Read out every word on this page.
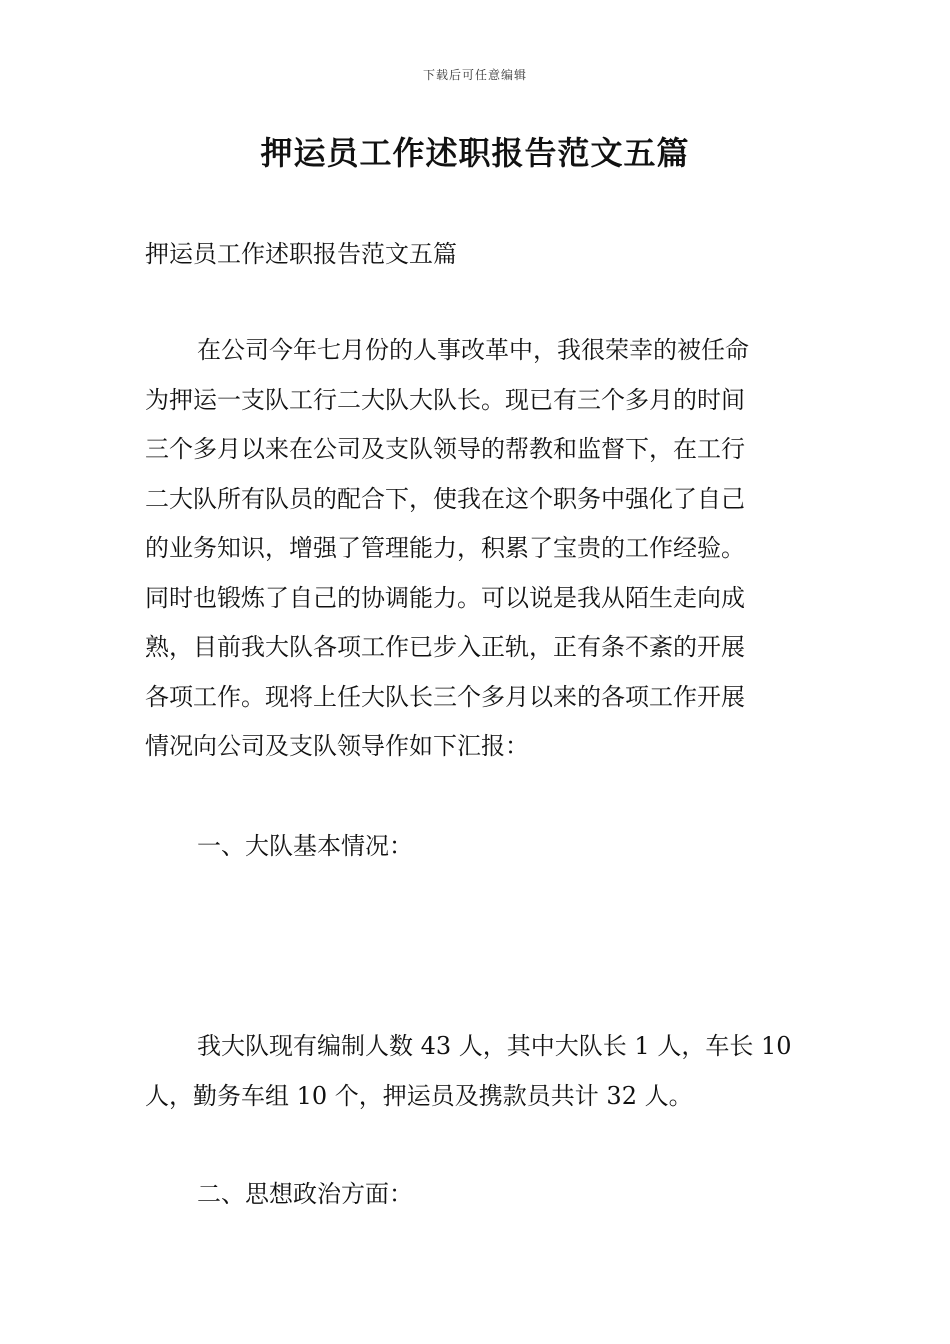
下载后可任意编辑
押运员工作述职报告范文五篇

押运员工作述职报告范文五篇

在公司今年七月份的人事改革中，我很荣幸的被任命
为押运一支队工行二大队大队长。现已有三个多月的时间
三个多月以来在公司及支队领导的帮教和监督下，在工行
二大队所有队员的配合下，使我在这个职务中强化了自己
的业务知识，增强了管理能力，积累了宝贵的工作经验。
同时也锻炼了自己的协调能力。可以说是我从陌生走向成
熟，目前我大队各项工作已步入正轨，正有条不紊的开展
各项工作。现将上任大队长三个多月以来的各项工作开展
情况向公司及支队领导作如下汇报：

一、大队基本情况：

我大队现有编制人数 43 人，其中大队长 1 人，车长 10
人，勤务车组 10 个，押运员及携款员共计 32 人。

二、思想政治方面：
